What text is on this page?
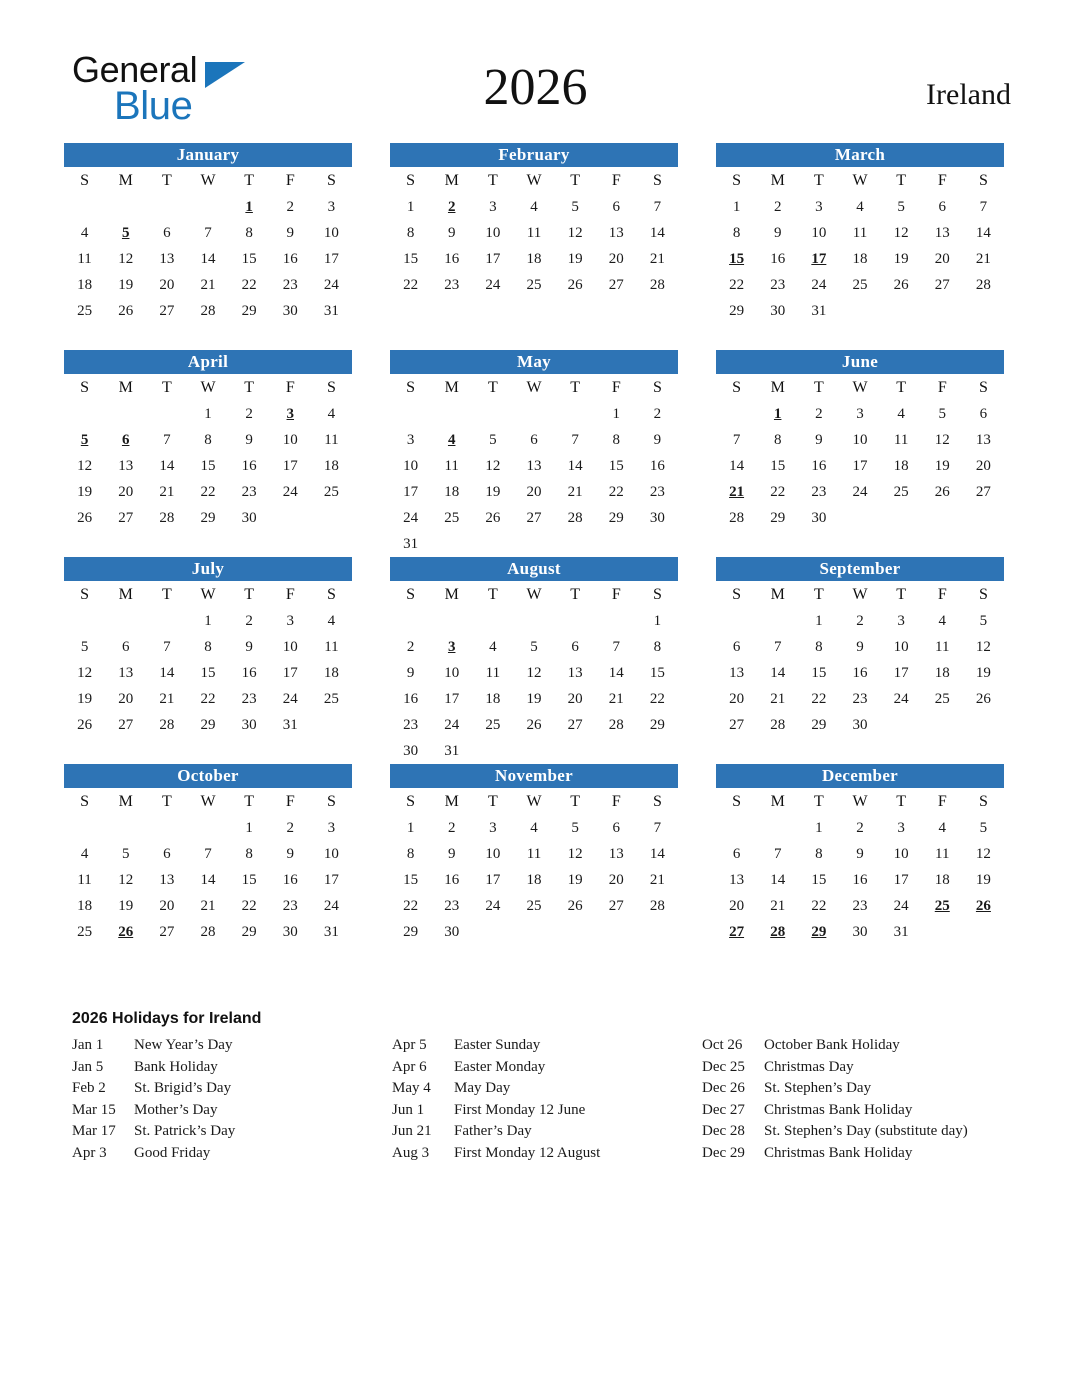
General
Blue	2026	Ireland
January
S	M	T	W	T	F	S
				1	2	3
4	5	6	7	8	9	10
11	12	13	14	15	16	17
18	19	20	21	22	23	24
25	26	27	28	29	30	31

February
S	M	T	W	T	F	S
1	2	3	4	5	6	7
8	9	10	11	12	13	14
15	16	17	18	19	20	21
22	23	24	25	26	27	28

March
S	M	T	W	T	F	S
1	2	3	4	5	6	7
8	9	10	11	12	13	14
15	16	17	18	19	20	21
22	23	24	25	26	27	28
29	30	31				

April
S	M	T	W	T	F	S
			1	2	3	4
5	6	7	8	9	10	11
12	13	14	15	16	17	18
19	20	21	22	23	24	25
26	27	28	29	30		

May
S	M	T	W	T	F	S
					1	2
3	4	5	6	7	8	9
10	11	12	13	14	15	16
17	18	19	20	21	22	23
24	25	26	27	28	29	30
31						
June
S	M	T	W	T	F	S
	1	2	3	4	5	6
7	8	9	10	11	12	13
14	15	16	17	18	19	20
21	22	23	24	25	26	27
28	29	30				

July
S	M	T	W	T	F	S
			1	2	3	4
5	6	7	8	9	10	11
12	13	14	15	16	17	18
19	20	21	22	23	24	25
26	27	28	29	30	31	

August
S	M	T	W	T	F	S
						1
2	3	4	5	6	7	8
9	10	11	12	13	14	15
16	17	18	19	20	21	22
23	24	25	26	27	28	29
30	31					
September
S	M	T	W	T	F	S
		1	2	3	4	5
6	7	8	9	10	11	12
13	14	15	16	17	18	19
20	21	22	23	24	25	26
27	28	29	30			

October
S	M	T	W	T	F	S
				1	2	3
4	5	6	7	8	9	10
11	12	13	14	15	16	17
18	19	20	21	22	23	24
25	26	27	28	29	30	31

November
S	M	T	W	T	F	S
1	2	3	4	5	6	7
8	9	10	11	12	13	14
15	16	17	18	19	20	21
22	23	24	25	26	27	28
29	30					

December
S	M	T	W	T	F	S
		1	2	3	4	5
6	7	8	9	10	11	12
13	14	15	16	17	18	19
20	21	22	23	24	25	26
27	28	29	30	31		

2026 Holidays for Ireland
Jan 1	New Year’s Day
Jan 5	Bank Holiday
Feb 2	St. Brigid’s Day
Mar 15	Mother’s Day
Mar 17	St. Patrick’s Day
Apr 3	Good Friday
Apr 5	Easter Sunday
Apr 6	Easter Monday
May 4	May Day
Jun 1	First Monday 12 June
Jun 21	Father’s Day
Aug 3	First Monday 12 August
Oct 26	October Bank Holiday
Dec 25	Christmas Day
Dec 26	St. Stephen’s Day
Dec 27	Christmas Bank Holiday
Dec 28	St. Stephen’s Day (substitute day)
Dec 29	Christmas Bank Holiday
